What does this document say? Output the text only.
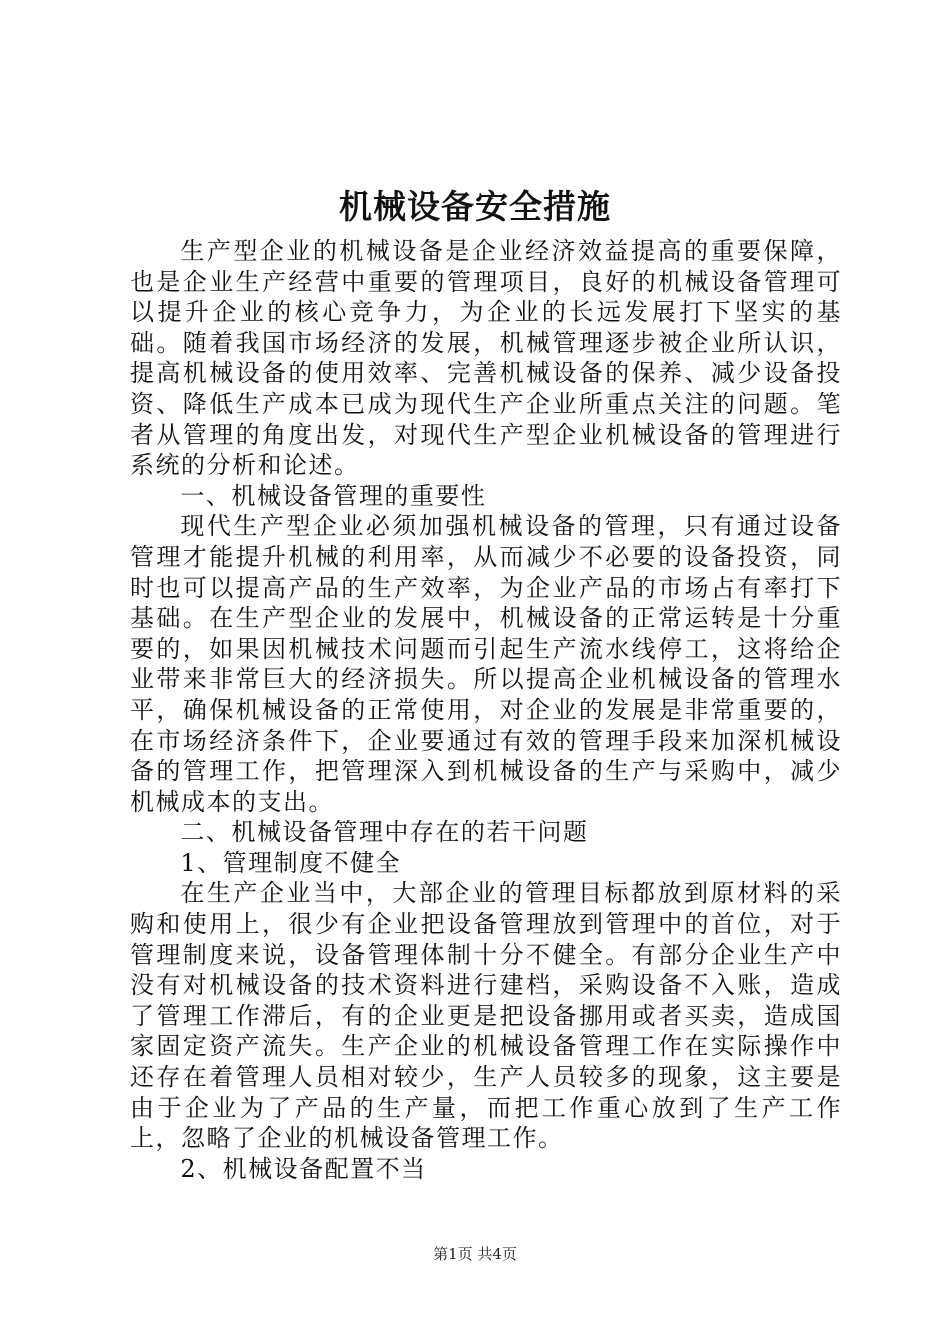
机械设备安全措施

生产型企业的机械设备是企业经济效益提高的重要保障，也是企业生产经营中重要的管理项目，良好的机械设备管理可以提升企业的核心竞争力，为企业的长远发展打下坚实的基础。随着我国市场经济的发展，机械管理逐步被企业所认识，提高机械设备的使用效率、完善机械设备的保养、减少设备投资、降低生产成本已成为现代生产企业所重点关注的问题。笔者从管理的角度出发，对现代生产型企业机械设备的管理进行系统的分析和论述。

一、机械设备管理的重要性

现代生产型企业必须加强机械设备的管理，只有通过设备管理才能提升机械的利用率，从而减少不必要的设备投资，同时也可以提高产品的生产效率，为企业产品的市场占有率打下基础。在生产型企业的发展中，机械设备的正常运转是十分重要的，如果因机械技术问题而引起生产流水线停工，这将给企业带来非常巨大的经济损失。所以提高企业机械设备的管理水平，确保机械设备的正常使用，对企业的发展是非常重要的，在市场经济条件下，企业要通过有效的管理手段来加深机械设备的管理工作，把管理深入到机械设备的生产与采购中，减少机械成本的支出。

二、机械设备管理中存在的若干问题

1、管理制度不健全

在生产企业当中，大部企业的管理目标都放到原材料的采购和使用上，很少有企业把设备管理放到管理中的首位，对于管理制度来说，设备管理体制十分不健全。有部分企业生产中没有对机械设备的技术资料进行建档，采购设备不入账，造成了管理工作滞后，有的企业更是把设备挪用或者买卖，造成国家固定资产流失。生产企业的机械设备管理工作在实际操作中还存在着管理人员相对较少，生产人员较多的现象，这主要是由于企业为了产品的生产量，而把工作重心放到了生产工作上，忽略了企业的机械设备管理工作。

2、机械设备配置不当

第1页 共4页
